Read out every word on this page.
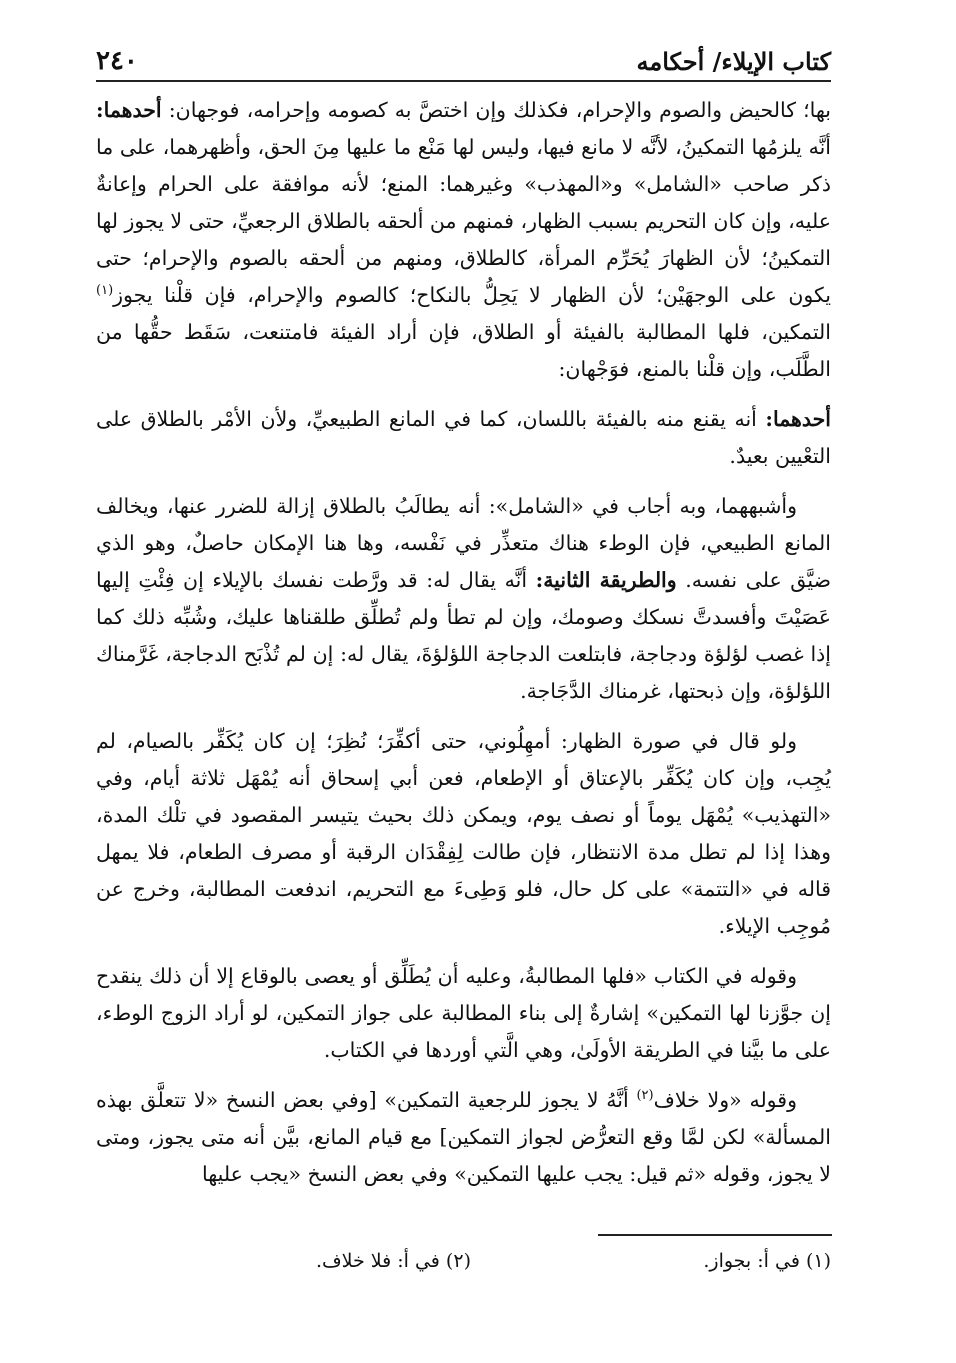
كتاب الإيلاء/ أحكامه
٢٤٠

بها؛ كالحيض والصوم والإحرام، فكذلك وإن اختصَّ به كصومه وإحرامه، فوجهان: أحدهما: أنَّه يلزمُها التمكينُ، لأنَّه لا مانع فيها، وليس لها مَنْع ما عليها مِنَ الحق، وأظهرهما، على ما ذكر صاحب «الشامل» و«المهذب» وغيرهما: المنع؛ لأنه موافقة على الحرام وإعانةٌ عليه، وإن كان التحريم بسبب الظهار، فمنهم من ألحقه بالطلاق الرجعيِّ، حتى لا يجوز لها التمكينُ؛ لأن الظهارَ يُحَرِّم المرأة، كالطلاق، ومنهم من ألحقه بالصوم والإحرام؛ حتى يكون على الوجهَيْن؛ لأن الظهار لا يَحِلُّ بالنكاح؛ كالصوم والإحرام، فإن قلْنا يجوز$^{(١)}$ التمكين، فلها المطالبة بالفيئة أو الطلاق، فإن أراد الفيئة فامتنعت، سَقَط حقُّها من الطَّلَب، وإن قلْنا بالمنع، فوَجْهان:

أحدهما: أنه يقنع منه بالفيئة باللسان، كما في المانع الطبيعيِّ، ولأن الأمْر بالطلاق على التعْيين بعيدٌ.

وأشبههما، وبه أجاب في «الشامل»: أنه يطالَبُ بالطلاق إزالة للضرر عنها، ويخالف المانع الطبيعي، فإن الوطء هناك متعذِّر في نَفْسه، وها هنا الإمكان حاصلٌ، وهو الذي ضيَّق على نفسه. والطريقة الثانية: أنَّه يقال له: قد ورَّطت نفسك بالإيلاء إن فِئْتِ إليها عَصَيْتَ وأفسدتَّ نسكك وصومك، وإن لم تطأ ولم تُطلِّق طلقناها عليك، وشُبِّه ذلك كما إذا غصب لؤلؤة ودجاجة، فابتلعت الدجاجة اللؤلؤةَ، يقال له: إن لم تُذْبَح الدجاجة، غَرَّمناك اللؤلؤة، وإن ذبحتها، غرمناك الدَّجَاجة.

ولو قال في صورة الظهار: أمهِلُوني، حتى أكفِّرَ؛ نُظِرَ؛ إن كان يُكَفِّر بالصيام، لم يُجِب، وإن كان يُكَفِّر بالإعتاق أو الإطعام، فعن أبي إسحاق أنه يُمْهَل ثلاثة أيام، وفي «التهذيب» يُمْهَل يوماً أو نصف يوم، ويمكن ذلك بحيث يتيسر المقصود في تلْك المدة، وهذا إذا لم تطل مدة الانتظار، فإن طالت لِفِقْدَان الرقبة أو مصرف الطعام، فلا يمهل قاله في «التتمة» على كل حال، فلو وَطِىءَ مع التحريم، اندفعت المطالبة، وخرج عن مُوجِب الإيلاء.

وقوله في الكتاب «فلها المطالبةُ، وعليه أن يُطَلِّق أو يعصى بالوقاع إلا أن ذلك ينقدح إن جوَّزنا لها التمكين» إشارةٌ إلى بناء المطالبة على جواز التمكين، لو أراد الزوج الوطء، على ما بيَّنا في الطريقة الأولَىٰ، وهي الَّتي أوردها في الكتاب.

وقوله «ولا خلاف$^{(٢)}$ أنَّهُ لا يجوز للرجعية التمكين» [وفي بعض النسخ «لا تتعلَّق بهذه المسألة» لكن لمَّا وقع التعرُّض لجواز التمكين] مع قيام المانع، بيَّن أنه متى يجوز، ومتى لا يجوز، وقوله «ثم قيل: يجب عليها التمكين» وفي بعض النسخ «يجب عليها

(١) في أ: بجواز.
(٢) في أ: فلا خلاف.
